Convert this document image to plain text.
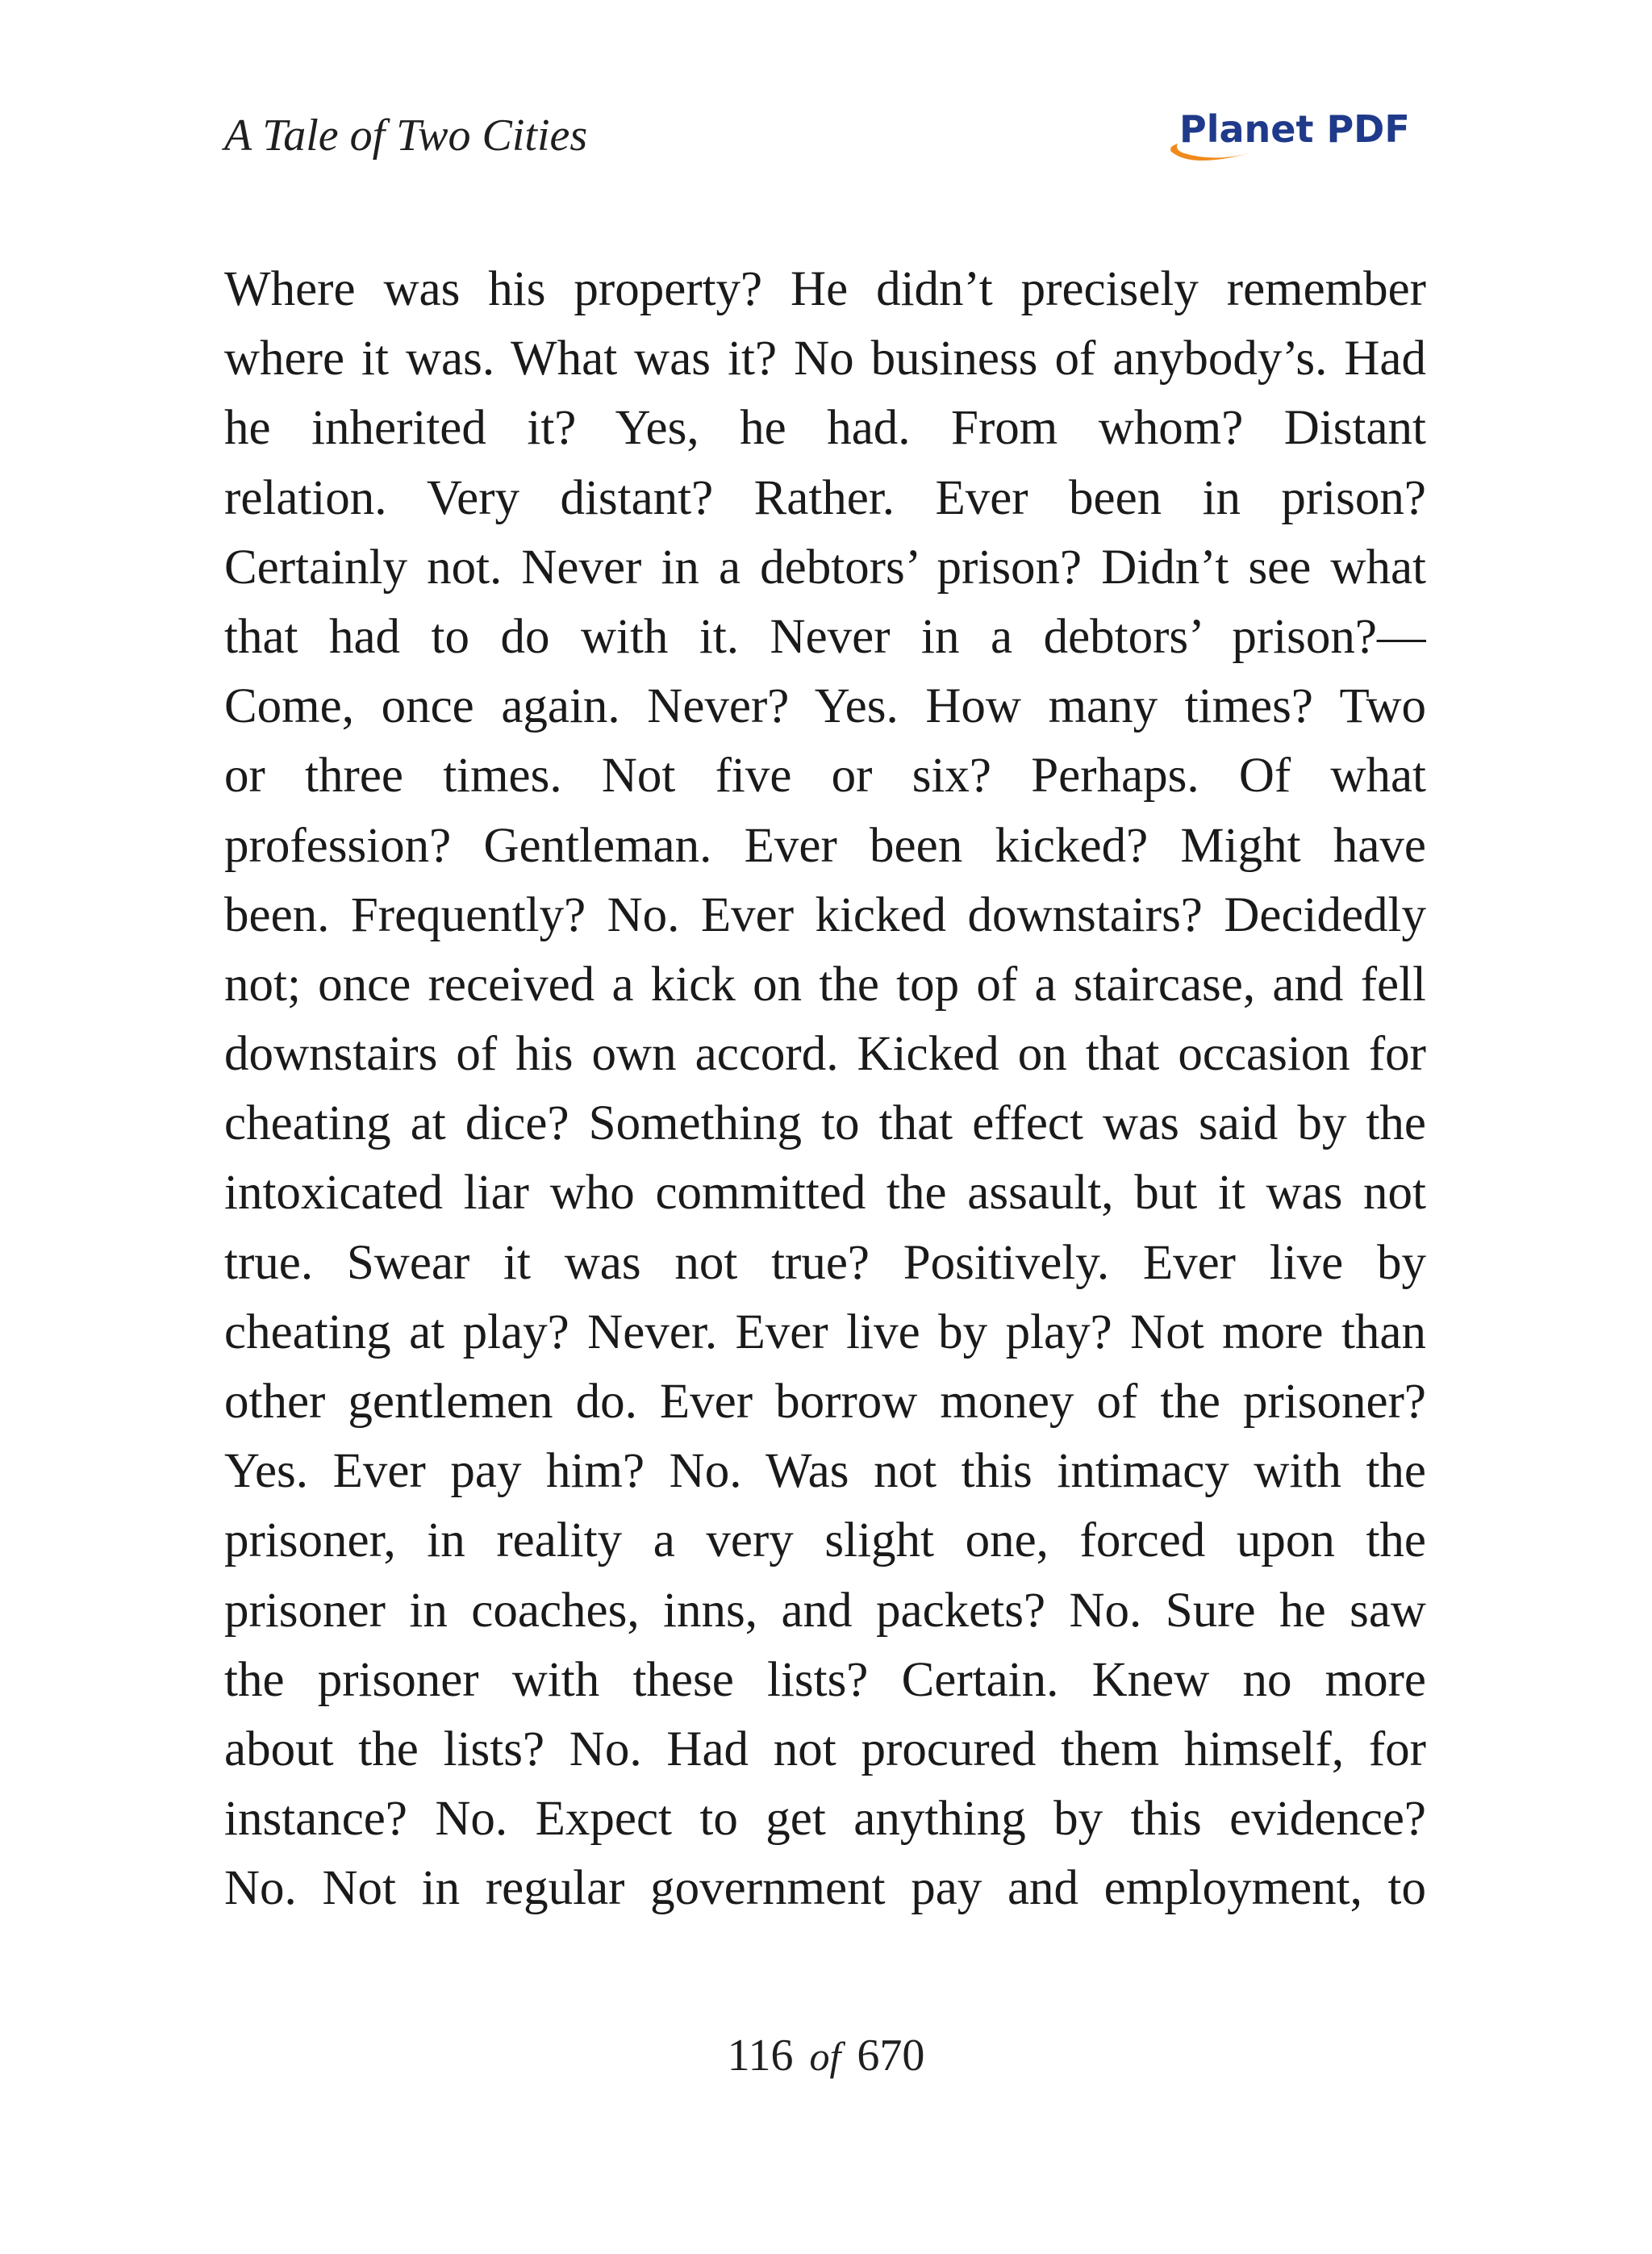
A Tale of Two Cities	Planet PDF
Where was his property? He didn’t precisely remember
where it was. What was it? No business of anybody’s. Had
he inherited it? Yes, he had. From whom? Distant
relation. Very distant? Rather. Ever been in prison?
Certainly not. Never in a debtors’ prison? Didn’t see what
that had to do with it. Never in a debtors’ prison?—
Come, once again. Never? Yes. How many times? Two
or three times. Not five or six? Perhaps. Of what
profession? Gentleman. Ever been kicked? Might have
been. Frequently? No. Ever kicked downstairs? Decidedly
not; once received a kick on the top of a staircase, and fell
downstairs of his own accord. Kicked on that occasion for
cheating at dice? Something to that effect was said by the
intoxicated liar who committed the assault, but it was not
true. Swear it was not true? Positively. Ever live by
cheating at play? Never. Ever live by play? Not more than
other gentlemen do. Ever borrow money of the prisoner?
Yes. Ever pay him? No. Was not this intimacy with the
prisoner, in reality a very slight one, forced upon the
prisoner in coaches, inns, and packets? No. Sure he saw
the prisoner with these lists? Certain. Knew no more
about the lists? No. Had not procured them himself, for
instance? No. Expect to get anything by this evidence?
No. Not in regular government pay and employment, to
116 of 670
